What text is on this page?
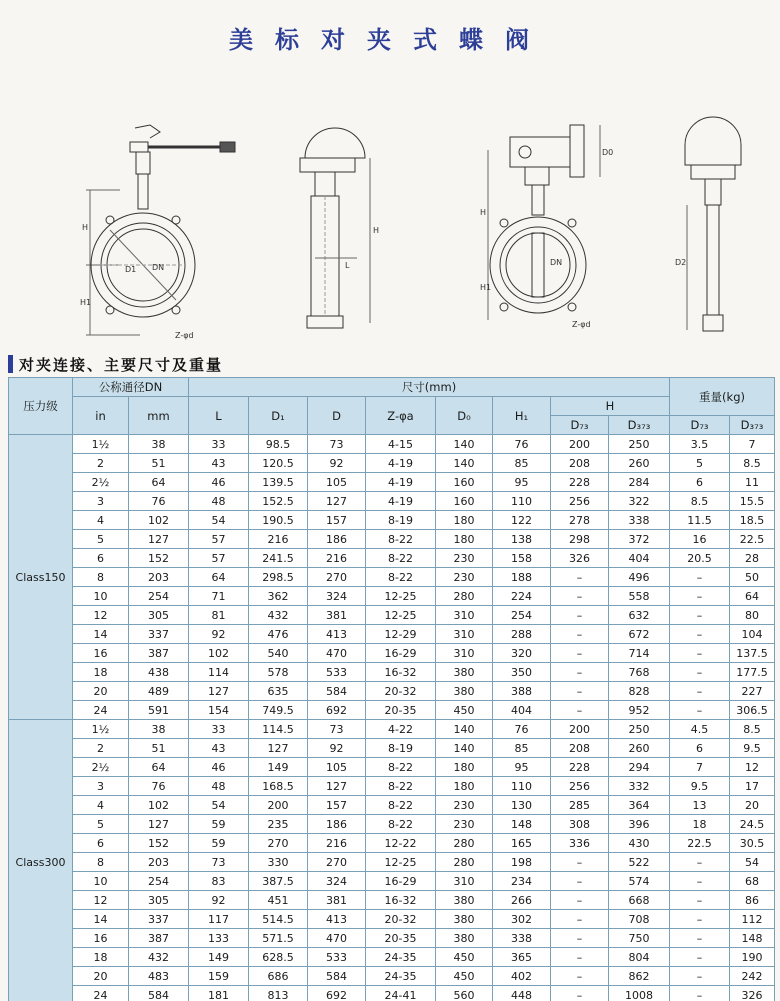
美标对夹式蝶阀
H
H1
D1 DN
Z-φd
H
L
H
H1
D0
DN
Z-φd
D2
对夹连接、主要尺寸及重量
压力级	公称通径DN		尺寸(mm)								重量(kg)	
	in	mm	L	D₁	D	Z-φa	D₀	H₁	H			
									D₇₃	D₃₇₃	D₇₃	D₃₇₃
Class150	1½	38	33	98.5	73	4-15	140	76	200	250	3.5	7
	2	51	43	120.5	92	4-19	140	85	208	260	5	8.5
	2½	64	46	139.5	105	4-19	160	95	228	284	6	11
	3	76	48	152.5	127	4-19	160	110	256	322	8.5	15.5
	4	102	54	190.5	157	8-19	180	122	278	338	11.5	18.5
	5	127	57	216	186	8-22	180	138	298	372	16	22.5
	6	152	57	241.5	216	8-22	230	158	326	404	20.5	28
	8	203	64	298.5	270	8-22	230	188	–	496	–	50
	10	254	71	362	324	12-25	280	224	–	558	–	64
	12	305	81	432	381	12-25	310	254	–	632	–	80
	14	337	92	476	413	12-29	310	288	–	672	–	104
	16	387	102	540	470	16-29	310	320	–	714	–	137.5
	18	438	114	578	533	16-32	380	350	–	768	–	177.5
	20	489	127	635	584	20-32	380	388	–	828	–	227
	24	591	154	749.5	692	20-35	450	404	–	952	–	306.5
Class300	1½	38	33	114.5	73	4-22	140	76	200	250	4.5	8.5
	2	51	43	127	92	8-19	140	85	208	260	6	9.5
	2½	64	46	149	105	8-22	180	95	228	294	7	12
	3	76	48	168.5	127	8-22	180	110	256	332	9.5	17
	4	102	54	200	157	8-22	230	130	285	364	13	20
	5	127	59	235	186	8-22	230	148	308	396	18	24.5
	6	152	59	270	216	12-22	280	165	336	430	22.5	30.5
	8	203	73	330	270	12-25	280	198	–	522	–	54
	10	254	83	387.5	324	16-29	310	234	–	574	–	68
	12	305	92	451	381	16-32	380	266	–	668	–	86
	14	337	117	514.5	413	20-32	380	302	–	708	–	112
	16	387	133	571.5	470	20-35	380	338	–	750	–	148
	18	432	149	628.5	533	24-35	450	365	–	804	–	190
	20	483	159	686	584	24-35	450	402	–	862	–	242
	24	584	181	813	692	24-41	560	448	–	1008	–	326
